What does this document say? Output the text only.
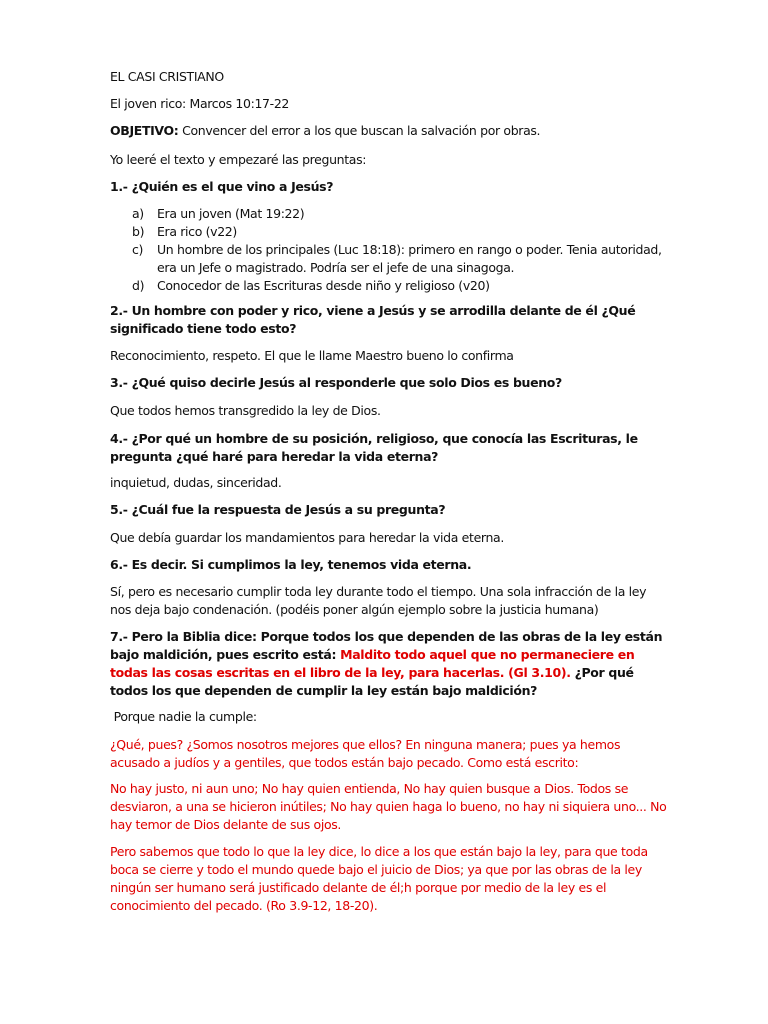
EL CASI CRISTIANO

El joven rico: Marcos 10:17-22

OBJETIVO: Convencer del error a los que buscan la salvación por obras.

Yo leeré el texto y empezaré las preguntas:

1.- ¿Quién es el que vino a Jesús?

a) Era un joven (Mat 19:22)
b) Era rico (v22)
c) Un hombre de los principales (Luc 18:18): primero en rango o poder. Tenia autoridad, era un Jefe o magistrado. Podría ser el jefe de una sinagoga.
d) Conocedor de las Escrituras desde niño y religioso (v20)

2.- Un hombre con poder y rico, viene a Jesús y se arrodilla delante de él ¿Qué significado tiene todo esto?

Reconocimiento, respeto. El que le llame Maestro bueno lo confirma

3.- ¿Qué quiso decirle Jesús al responderle que solo Dios es bueno?

Que todos hemos transgredido la ley de Dios.

4.- ¿Por qué un hombre de su posición, religioso, que conocía las Escrituras, le pregunta ¿qué haré para heredar la vida eterna?

inquietud, dudas, sinceridad.

5.- ¿Cuál fue la respuesta de Jesús a su pregunta?

Que debía guardar los mandamientos para heredar la vida eterna.

6.- Es decir. Si cumplimos la ley, tenemos vida eterna.

Sí, pero es necesario cumplir toda ley durante todo el tiempo. Una sola infracción de la ley nos deja bajo condenación. (podéis poner algún ejemplo sobre la justicia humana)

7.- Pero la Biblia dice: Porque todos los que dependen de las obras de la ley están bajo maldición, pues escrito está: Maldito todo aquel que no permaneciere en todas las cosas escritas en el libro de la ley, para hacerlas. (Gl 3.10). ¿Por qué todos los que dependen de cumplir la ley están bajo maldición?

Porque nadie la cumple:

¿Qué, pues? ¿Somos nosotros mejores que ellos? En ninguna manera; pues ya hemos acusado a judíos y a gentiles, que todos están bajo pecado. Como está escrito:

No hay justo, ni aun uno; No hay quien entienda, No hay quien busque a Dios. Todos se desviaron, a una se hicieron inútiles; No hay quien haga lo bueno, no hay ni siquiera uno... No hay temor de Dios delante de sus ojos.

Pero sabemos que todo lo que la ley dice, lo dice a los que están bajo la ley, para que toda boca se cierre y todo el mundo quede bajo el juicio de Dios; ya que por las obras de la ley ningún ser humano será justificado delante de él;h porque por medio de la ley es el conocimiento del pecado. (Ro 3.9-12, 18-20).
